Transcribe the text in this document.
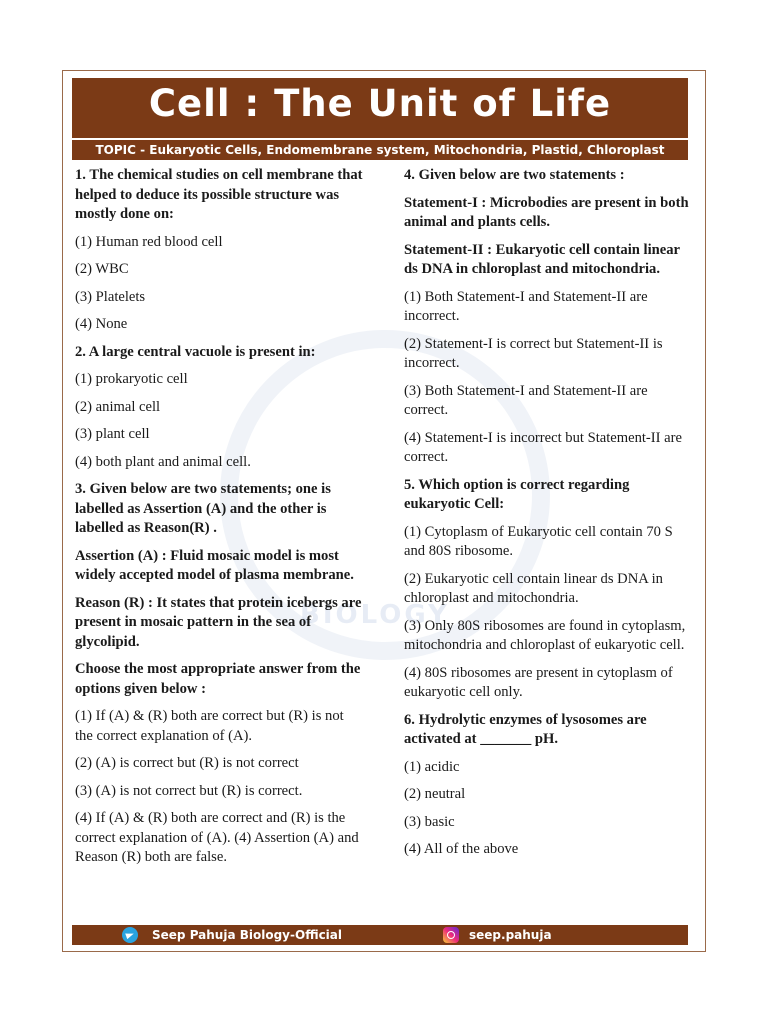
BIOLOGY
Cell : The Unit of Life
TOPIC - Eukaryotic Cells, Endomembrane system, Mitochondria, Plastid, Chloroplast

1. The chemical studies on cell membrane that helped to deduce its possible structure was mostly done on:

(1) Human red blood cell

(2) WBC

(3) Platelets

(4) None

2. A large central vacuole is present in:

(1) prokaryotic cell

(2) animal cell

(3) plant cell

(4) both plant and animal cell.

3. Given below are two statements; one is labelled as Assertion (A) and the other is labelled as Reason(R) .

Assertion (A) : Fluid mosaic model is most widely accepted model of plasma membrane.

Reason (R) : It states that protein icebergs are present in mosaic pattern in the sea of glycolipid.

Choose the most appropriate answer from the options given below :

(1) If (A) & (R) both are correct but (R) is not the correct explanation of (A).

(2) (A) is correct but (R) is not correct

(3) (A) is not correct but (R) is correct.

(4) If (A) & (R) both are correct and (R) is the correct explanation of (A). (4) Assertion (A) and Reason (R) both are false.

4. Given below are two statements :

Statement-I : Microbodies are present in both animal and plants cells.

Statement-II : Eukaryotic cell contain linear ds DNA in chloroplast and mitochondria.

(1) Both Statement-I and Statement-II are incorrect.

(2) Statement-I is correct but Statement-II is incorrect.

(3) Both Statement-I and Statement-II are correct.

(4) Statement-I is incorrect but Statement-II are correct.

5. Which option is correct regarding eukaryotic Cell:

(1) Cytoplasm of Eukaryotic cell contain 70 S and 80S ribosome.

(2) Eukaryotic cell contain linear ds DNA in chloroplast and mitochondria.

(3) Only 80S ribosomes are found in cytoplasm, mitochondria and chloroplast of eukaryotic cell.

(4) 80S ribosomes are present in cytoplasm of eukaryotic cell only.

6. Hydrolytic enzymes of lysosomes are activated at _______ pH.

(1) acidic

(2) neutral

(3) basic

(4) All of the above

Seep Pahuja Biology-Official	seep.pahuja
